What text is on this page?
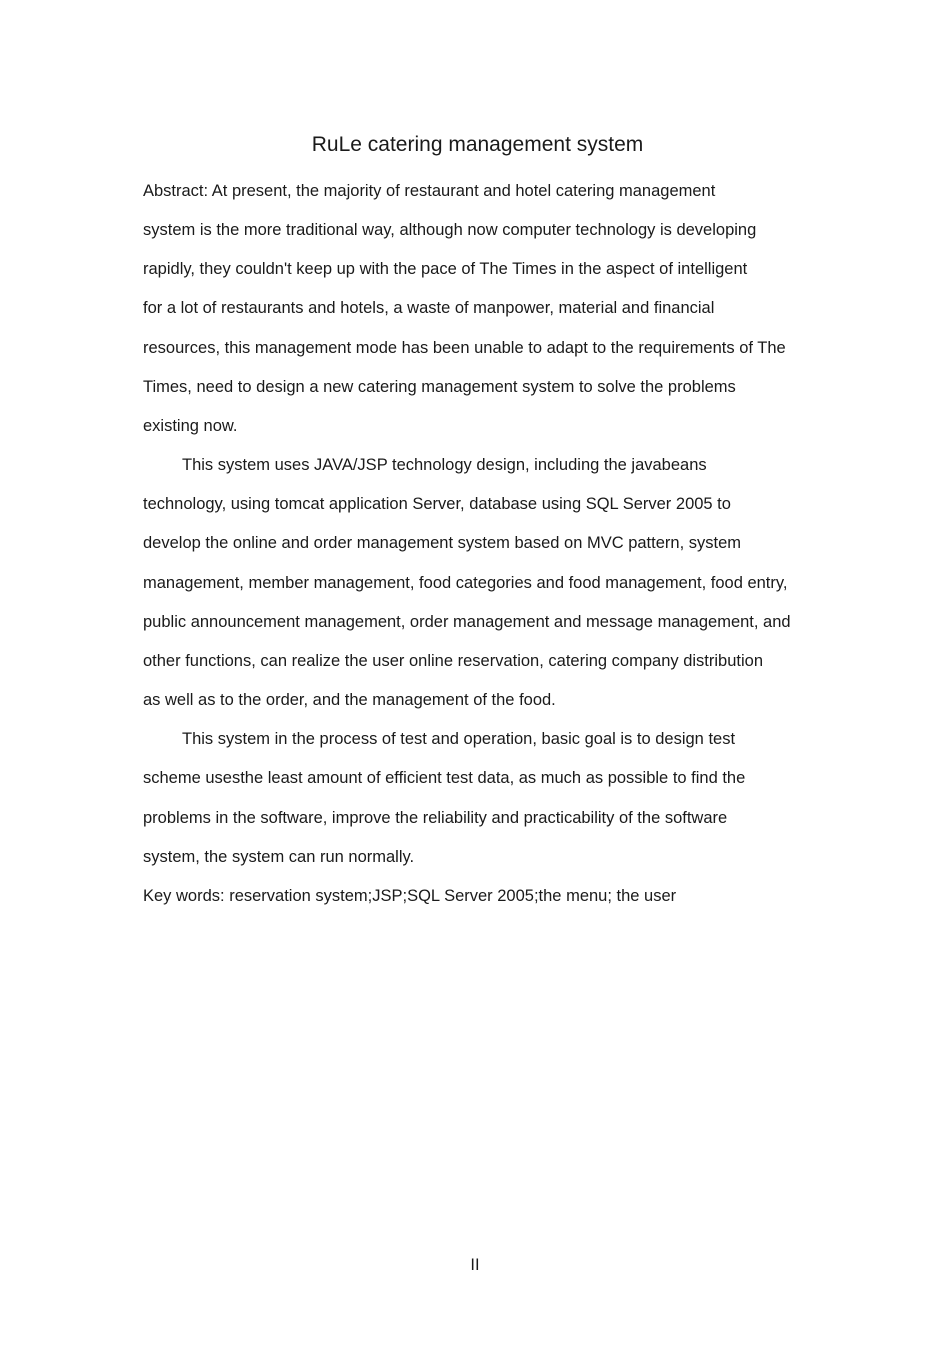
RuLe catering management system
Abstract: At present, the majority of restaurant and hotel catering management
system is the more traditional way, although now computer technology is developing
rapidly, they couldn't keep up with the pace of The Times in the aspect of intelligent
for a lot of restaurants and hotels, a waste of manpower, material and financial
resources, this management mode has been unable to adapt to the requirements of The
Times, need to design a new catering management system to solve the problems
existing now.
This system uses JAVA/JSP technology design, including the javabeans
technology, using tomcat application Server, database using SQL Server 2005 to
develop the online and order management system based on MVC pattern, system
management, member management, food categories and food management, food entry,
public announcement management, order management and message management, and
other functions, can realize the user online reservation, catering company distribution
as well as to the order, and the management of the food.
This system in the process of test and operation, basic goal is to design test
scheme usesthe least amount of efficient test data, as much as possible to find the
problems in the software, improve the reliability and practicability of the software
system, the system can run normally.
Key words: reservation system;JSP;SQL Server 2005;the menu; the user
II
